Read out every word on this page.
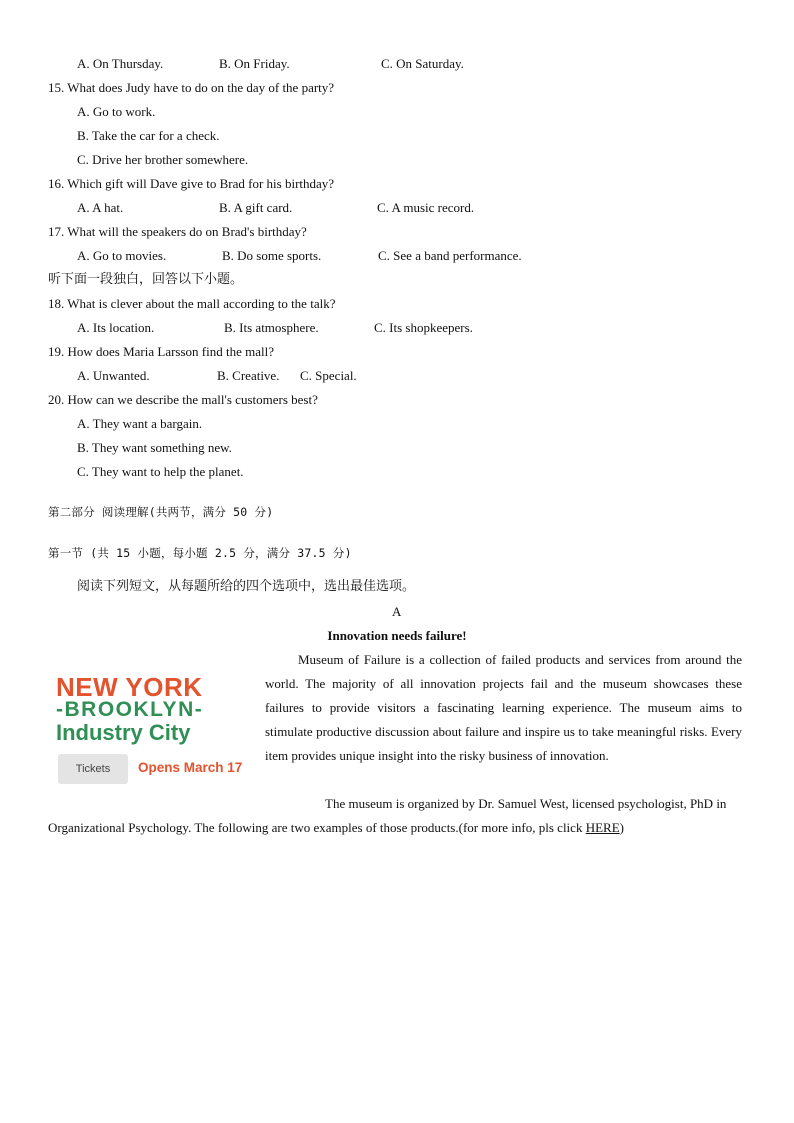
A. On Thursday.	B. On Friday.	C. On Saturday.
15. What does Judy have to do on the day of the party?
A. Go to work.
B. Take the car for a check.
C. Drive her brother somewhere.
16. Which gift will Dave give to Brad for his birthday?
A. A hat.	B. A gift card.	C. A music record.
17. What will the speakers do on Brad's birthday?
A. Go to movies.	B. Do some sports.	C. See a band performance.
听下面一段独白，回答以下小题。
18. What is clever about the mall according to the talk?
A. Its location.	B. Its atmosphere.	C. Its shopkeepers.
19. How does Maria Larsson find the mall?
A. Unwanted.	B. Creative. C. Special.
20. How can we describe the mall's customers best?
A. They want a bargain.
B. They want something new.
C. They want to help the planet.
第二部分 阅读理解(共两节，满分 50 分)
第一节 (共 15 小题，每小题 2.5 分，满分 37.5 分)
阅读下列短文，从每题所给的四个选项中，选出最佳选项。
A
Innovation needs failure!
NEW YORK
-BROOKLYN-
Industry City
Tickets	Opens March 17
Museum of Failure is a collection of failed products and services from around the world. The majority of all innovation projects fail and the museum showcases these failures to provide visitors a fascinating learning experience. The museum aims to stimulate productive discussion about failure and inspire us to take meaningful risks. Every item provides unique insight into the risky business of innovation.
The museum is organized by Dr. Samuel West, licensed psychologist, PhD in Organizational Psychology. The following are two examples of those products.(for more info, pls click HERE)
